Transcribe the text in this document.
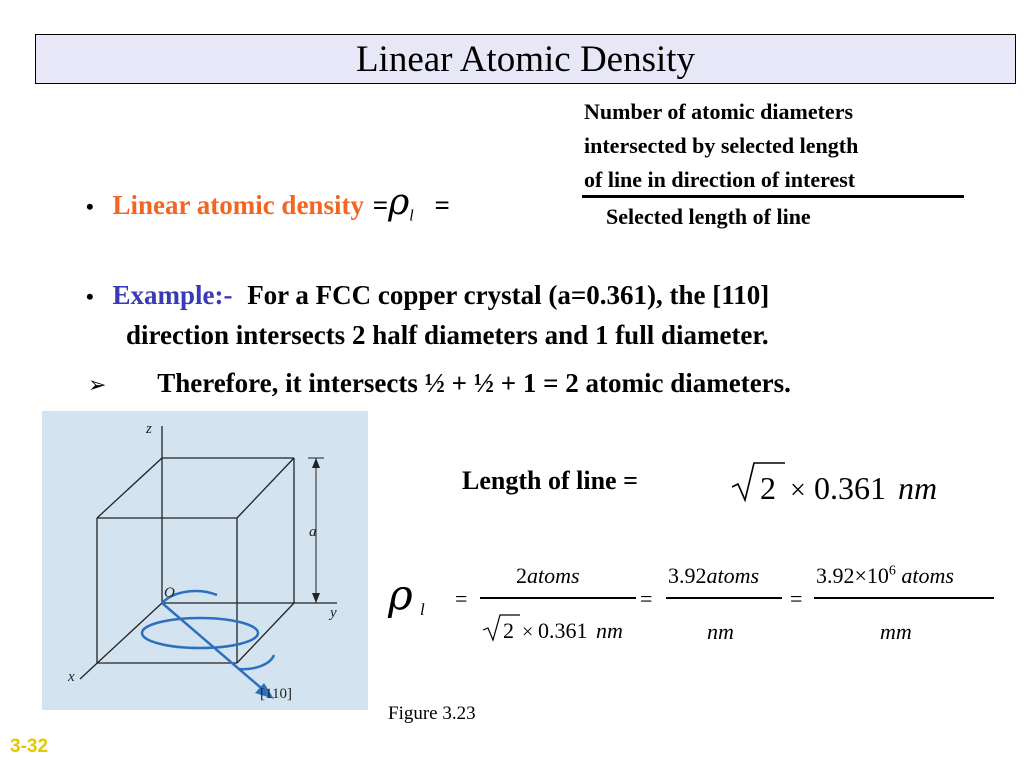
Linear Atomic Density
Number of atomic diameters
intersected by selected length
of line in direction of interest
Selected length of line
• Linear atomic density $=\rho_l$ =
• Example:- For a FCC copper crystal (a=0.361), the [110]
direction intersects 2 half diameters and 1 full diameter.
➢ Therefore, it intersects ½ + ½ + 1 = 2 atomic diameters.
z
y
x
O
a
[110]
Length of line =	2 × 0.361 nm
ρ l =
2atoms
2 × 0.361 nm
=
3.92atoms
nm
=
$3.92\times 10^6$ atoms
mm
Figure 3.23
3-32
